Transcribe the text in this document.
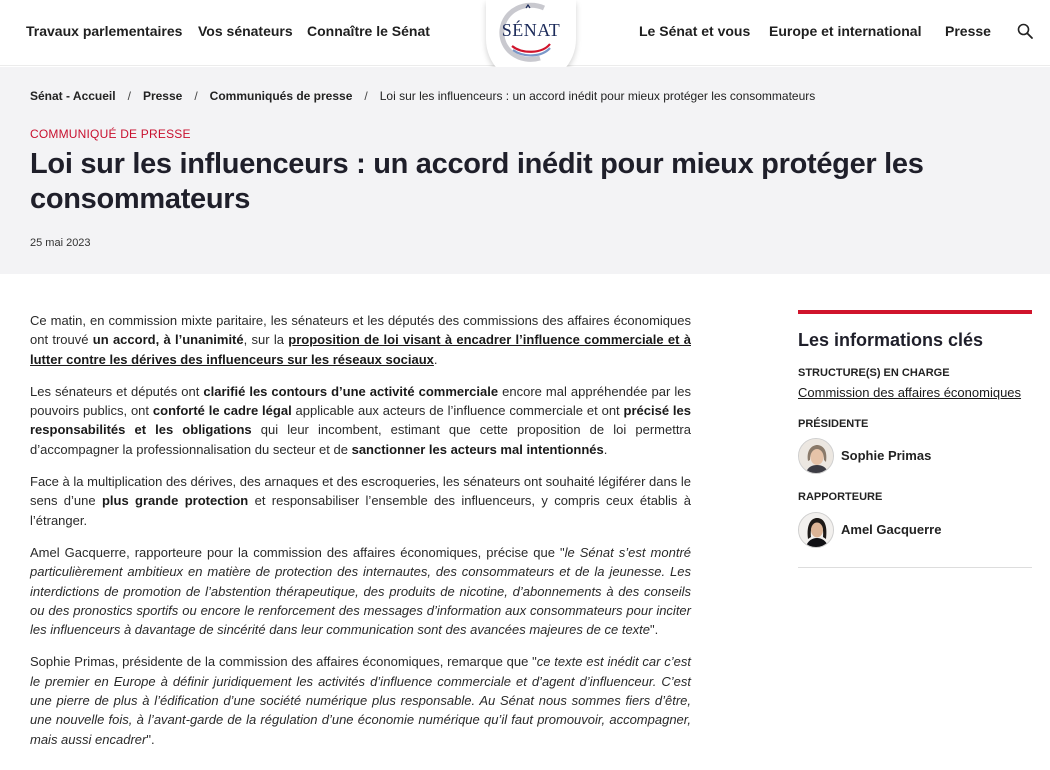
Travaux parlementaires Vos sénateurs Connaître le Sénat	SÉNAT	Le Sénat et vous Europe et international Presse
Sénat - Accueil / Presse / Communiqués de presse / Loi sur les influenceurs : un accord inédit pour mieux protéger les consommateurs
COMMUNIQUÉ DE PRESSE
Loi sur les influenceurs : un accord inédit pour mieux protéger les consommateurs
25 mai 2023

Ce matin, en commission mixte paritaire, les sénateurs et les députés des commissions des affaires économiques ont trouvé un accord, à l’unanimité, sur la proposition de loi visant à encadrer l’influence commerciale et à lutter contre les dérives des influenceurs sur les réseaux sociaux.

Les sénateurs et députés ont clarifié les contours d’une activité commerciale encore mal appréhendée par les pouvoirs publics, ont conforté le cadre légal applicable aux acteurs de l’influence commerciale et ont précisé les responsabilités et les obligations qui leur incombent, estimant que cette proposition de loi permettra d’accompagner la professionnalisation du secteur et de sanctionner les acteurs mal intentionnés.

Face à la multiplication des dérives, des arnaques et des escroqueries, les sénateurs ont souhaité légiférer dans le sens d’une plus grande protection et responsabiliser l’ensemble des influenceurs, y compris ceux établis à l’étranger.

Amel Gacquerre, rapporteure pour la commission des affaires économiques, précise que "le Sénat s’est montré particulièrement ambitieux en matière de protection des internautes, des consommateurs et de la jeunesse. Les interdictions de promotion de l’abstention thérapeutique, des produits de nicotine, d’abonnements à des conseils ou des pronostics sportifs ou encore le renforcement des messages d’information aux consommateurs pour inciter les influenceurs à davantage de sincérité dans leur communication sont des avancées majeures de ce texte".

Sophie Primas, présidente de la commission des affaires économiques, remarque que "ce texte est inédit car c’est le premier en Europe à définir juridiquement les activités d’influence commerciale et d’agent d’influenceur. C’est une pierre de plus à l’édification d’une société numérique plus responsable. Au Sénat nous sommes fiers d’être, une nouvelle fois, à l’avant-garde de la régulation d’une économie numérique qu’il faut promouvoir, accompagner, mais aussi encadrer".

Les informations clés
STRUCTURE(S) EN CHARGE
Commission des affaires économiques
PRÉSIDENTE
Sophie Primas
RAPPORTEURE
Amel Gacquerre
